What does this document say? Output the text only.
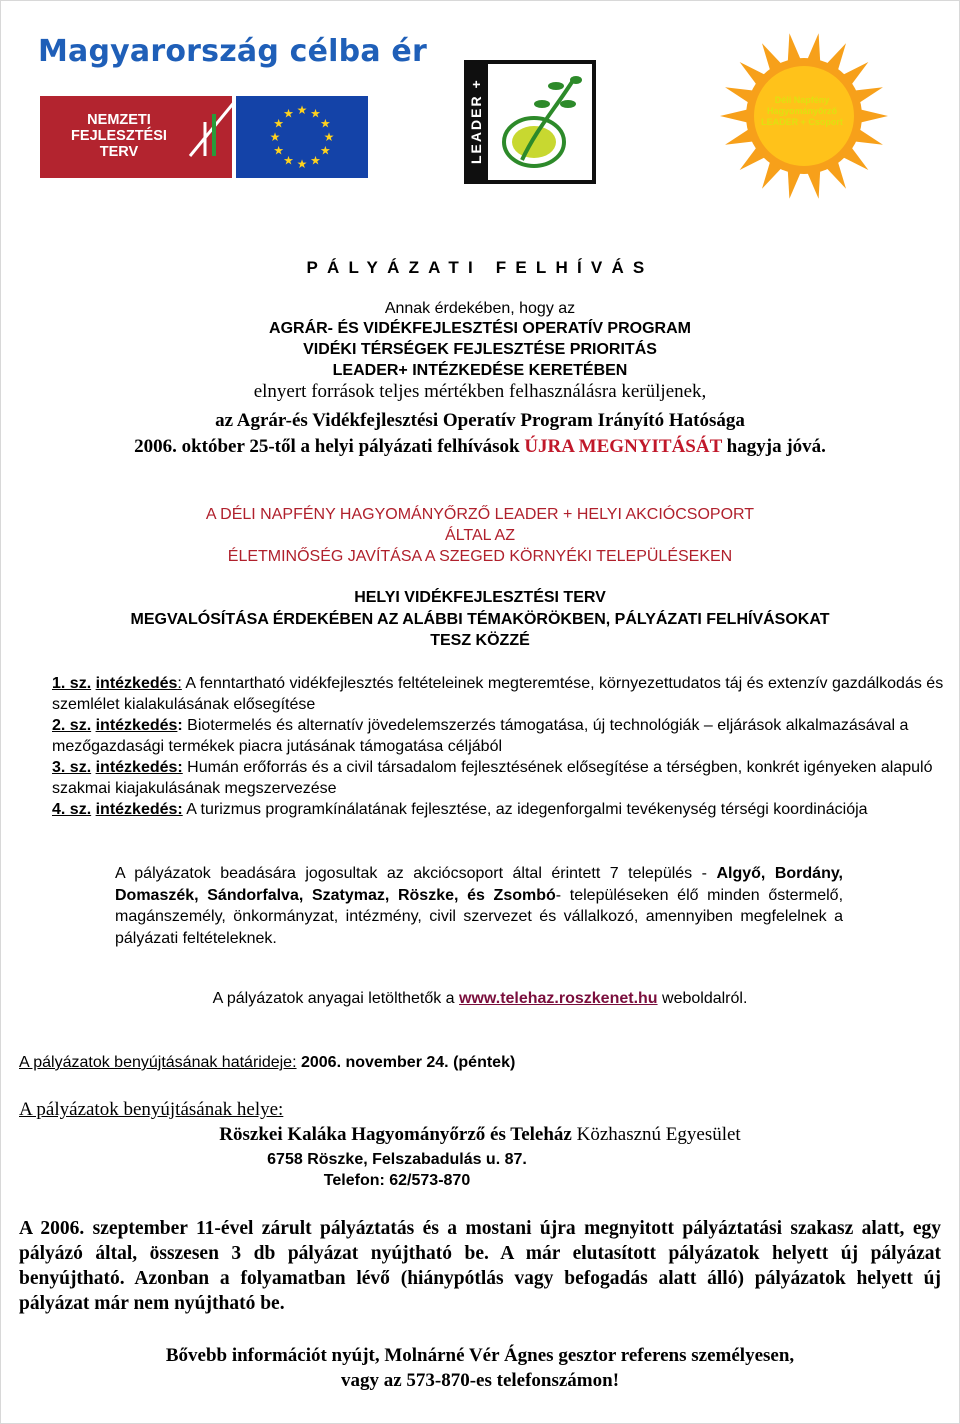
Magyarország célba ér
NEMZETI FEJLESZTÉSI TERV
★
★
★
★
★
★
★
★
★ ★ ★
★	LEADER +	Déli Napfény Hagyományőrző LEADER + Csoport
PÁLYÁZATI FELHÍVÁS
Annak érdekében, hogy az
AGRÁR- ÉS VIDÉKFEJLESZTÉSI OPERATÍV PROGRAM
VIDÉKI TÉRSÉGEK FEJLESZTÉSE PRIORITÁS
LEADER+ INTÉZKEDÉSE KERETÉBEN
elnyert források teljes mértékben felhasználásra kerüljenek,
az Agrár-és Vidékfejlesztési Operatív Program Irányító Hatósága
2006. október 25-től a helyi pályázati felhívások ÚJRA MEGNYITÁSÁT hagyja jóvá.
A DÉLI NAPFÉNY HAGYOMÁNYŐRZŐ LEADER + HELYI AKCIÓCSOPORT
ÁLTAL AZ
ÉLETMINŐSÉG JAVÍTÁSA A SZEGED KÖRNYÉKI TELEPÜLÉSEKEN
HELYI VIDÉKFEJLESZTÉSI TERV
MEGVALÓSÍTÁSA ÉRDEKÉBEN AZ ALÁBBI TÉMAKÖRÖKBEN, PÁLYÁZATI FELHÍVÁSOKAT
TESZ KÖZZÉ
1. sz. intézkedés: A fenntartható vidékfejlesztés feltételeinek megteremtése, környezettudatos táj és extenzív gazdálkodás és szemlélet kialakulásának elősegítése
2. sz. intézkedés: Biotermelés és alternatív jövedelemszerzés támogatása, új technológiák – eljárások alkalmazásával a mezőgazdasági termékek piacra jutásának támogatása céljából
3. sz. intézkedés: Humán erőforrás és a civil társadalom fejlesztésének elősegítése a térségben, konkrét igényeken alapuló szakmai kiajakulásának megszervezése
4. sz. intézkedés: A turizmus programkínálatának fejlesztése, az idegenforgalmi tevékenység térségi koordinációja
A pályázatok beadására jogosultak az akciócsoport által érintett 7 település - Algyő, Bordány, Domaszék, Sándorfalva, Szatymaz, Röszke, és Zsombó- településeken élő minden őstermelő, magánszemély, önkormányzat, intézmény, civil szervezet és vállalkozó, amennyiben megfelelnek a pályázati feltételeknek.
A pályázatok anyagai letölthetők a www.telehaz.roszkenet.hu weboldalról.
A pályázatok benyújtásának határideje: 2006. november 24. (péntek)
A pályázatok benyújtásának helye:
Röszkei Kaláka Hagyományőrző és Teleház Közhasznú Egyesület
6758 Röszke, Felszabadulás u. 87.
Telefon: 62/573-870
A 2006. szeptember 11-ével zárult pályáztatás és a mostani újra megnyitott pályáztatási szakasz alatt, egy pályázó által, összesen 3 db pályázat nyújtható be. A már elutasított pályázatok helyett új pályázat benyújtható. Azonban a folyamatban lévő (hiánypótlás vagy befogadás alatt álló) pályázatok helyett új pályázat már nem nyújtható be.
Bővebb információt nyújt, Molnárné Vér Ágnes gesztor referens személyesen,
vagy az 573-870-es telefonszámon!
